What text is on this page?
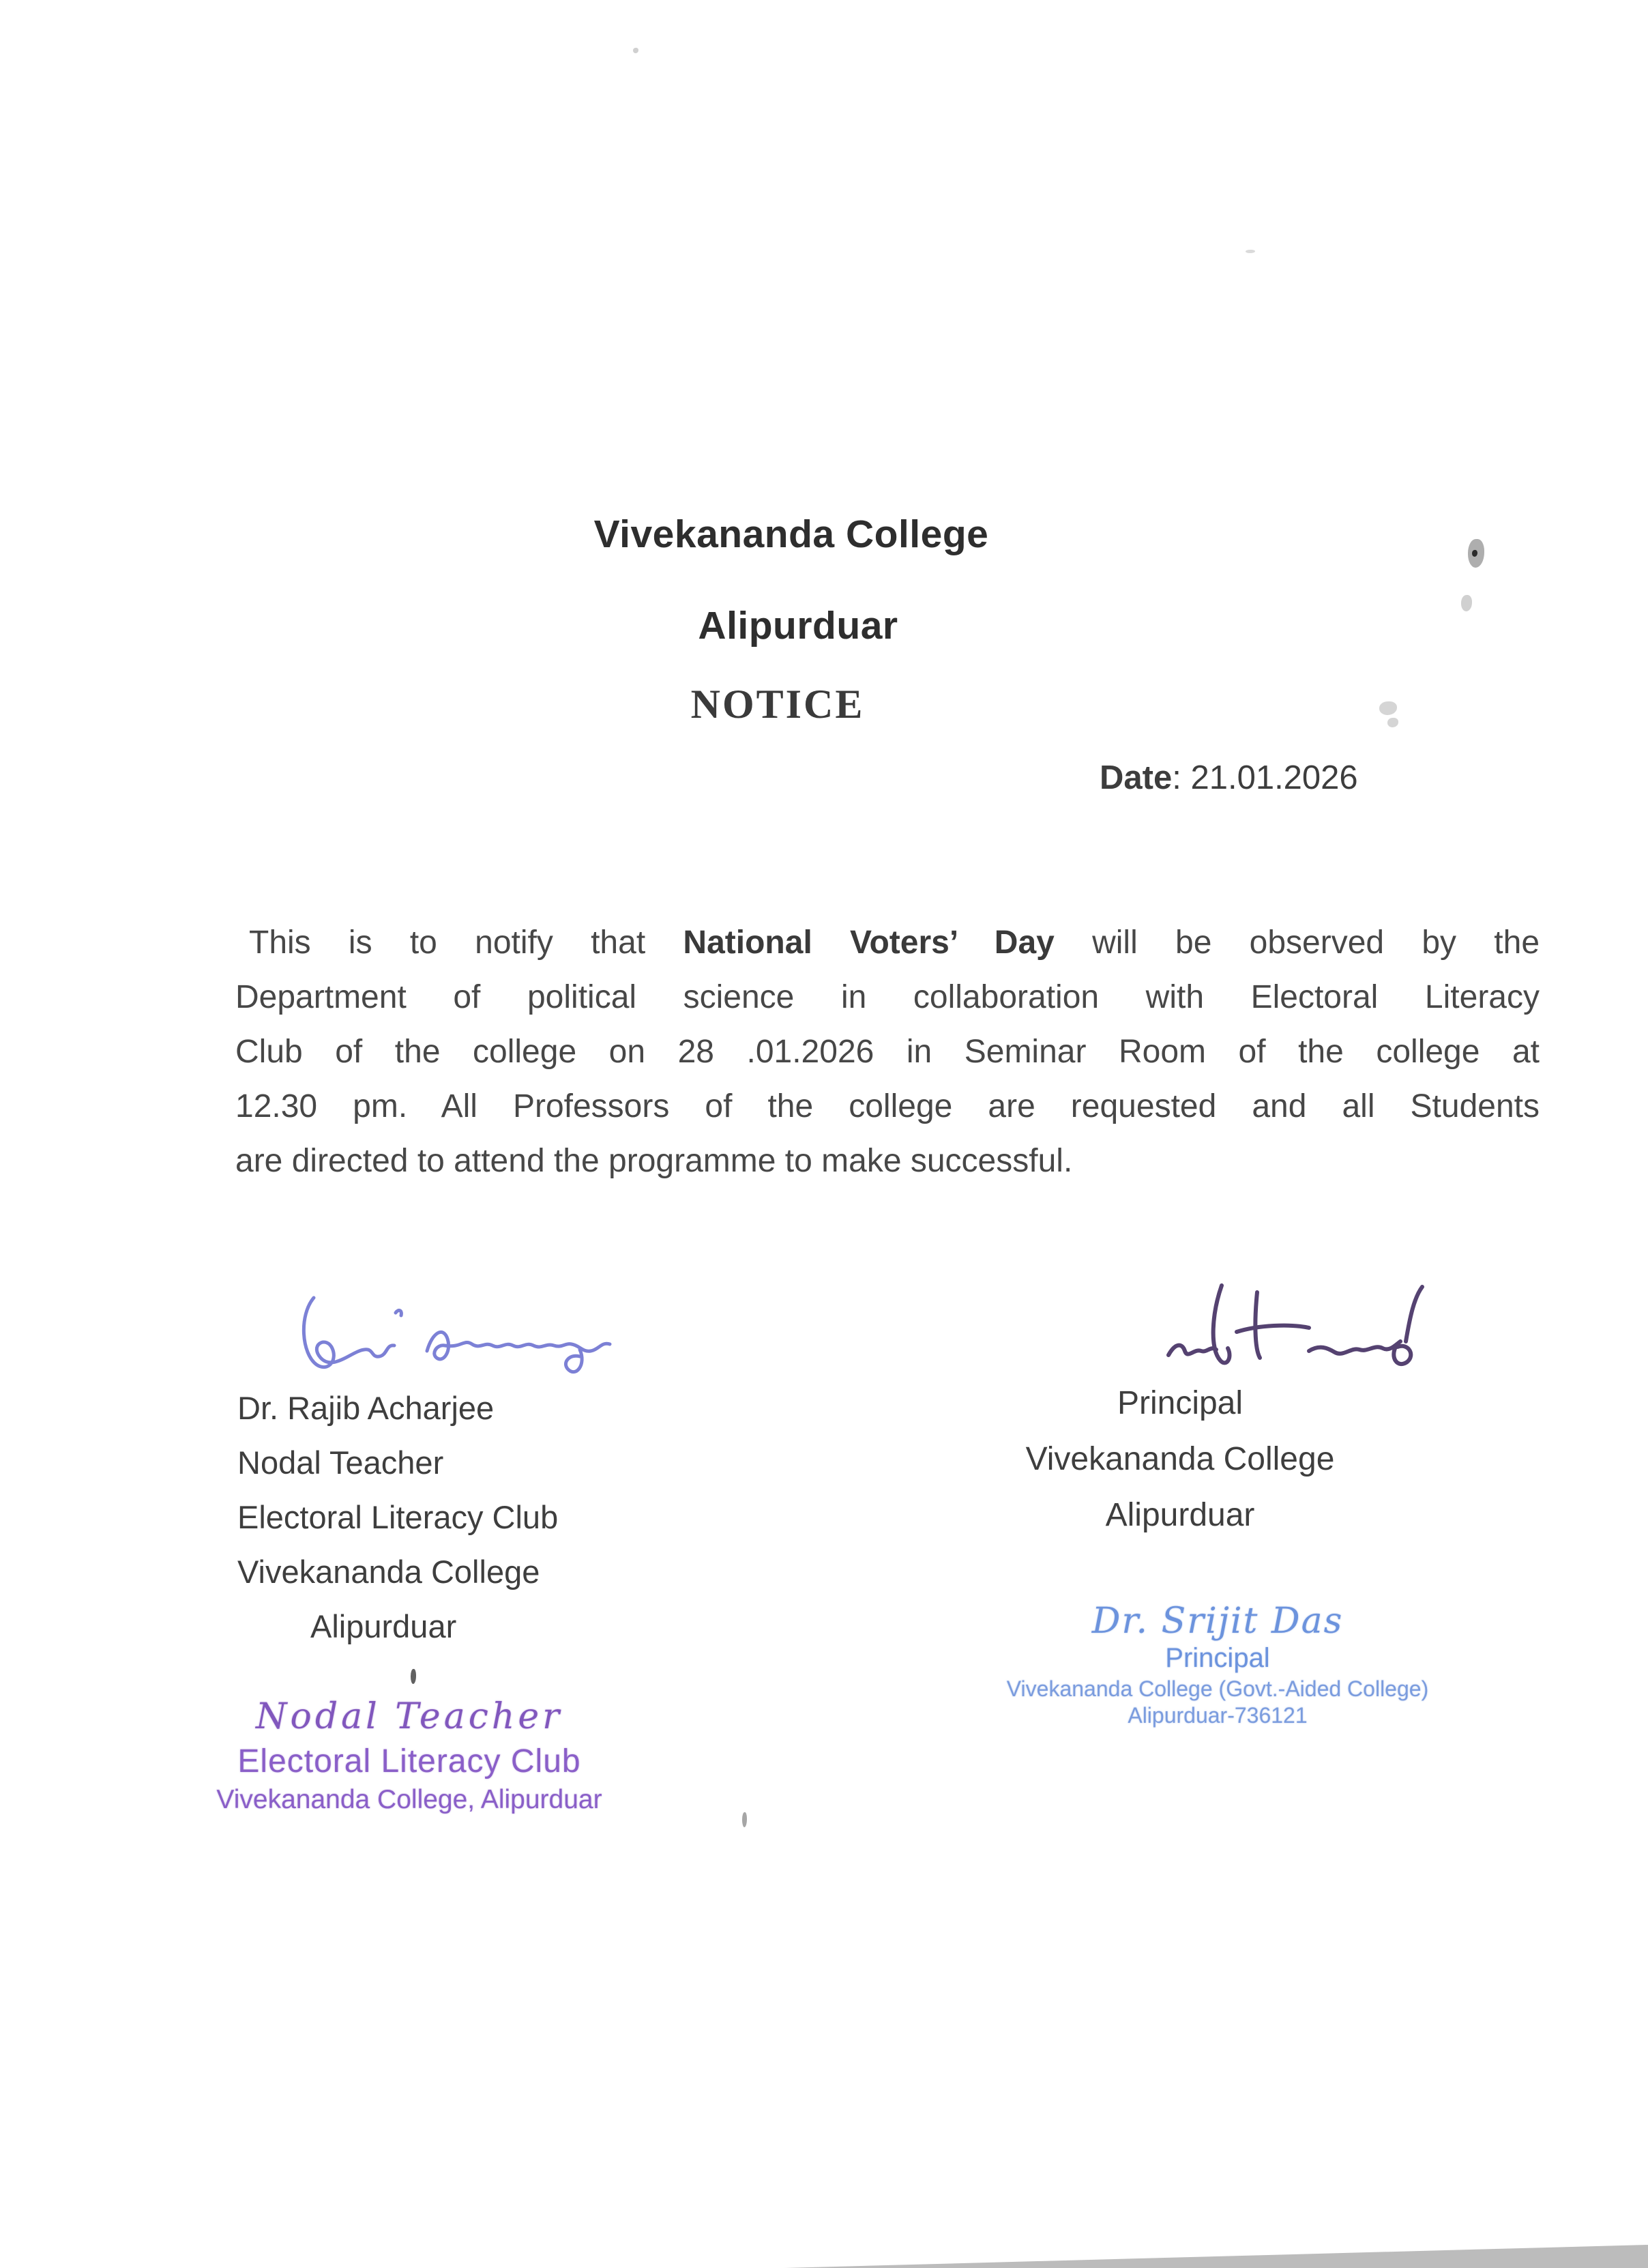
Vivekananda College
Alipurduar
NOTICE
Date: 21.01.2026
This is to notify that National Voters’ Day will be observed by the
Department of political science in collaboration with Electoral Literacy
Club of the college on 28 .01.2026 in Seminar Room of the college at
12.30 pm. All Professors of the college are requested and all Students
are directed to attend the programme to make successful.
Dr. Rajib Acharjee
Nodal Teacher
Electoral Literacy Club
Vivekananda College
Alipurduar
Principal
Vivekananda College
Alipurduar
Nodal Teacher
Electoral Literacy Club
Vivekananda College, Alipurduar
Dr. Srijit Das
Principal
Vivekananda College (Govt.-Aided College)
Alipurduar-736121
